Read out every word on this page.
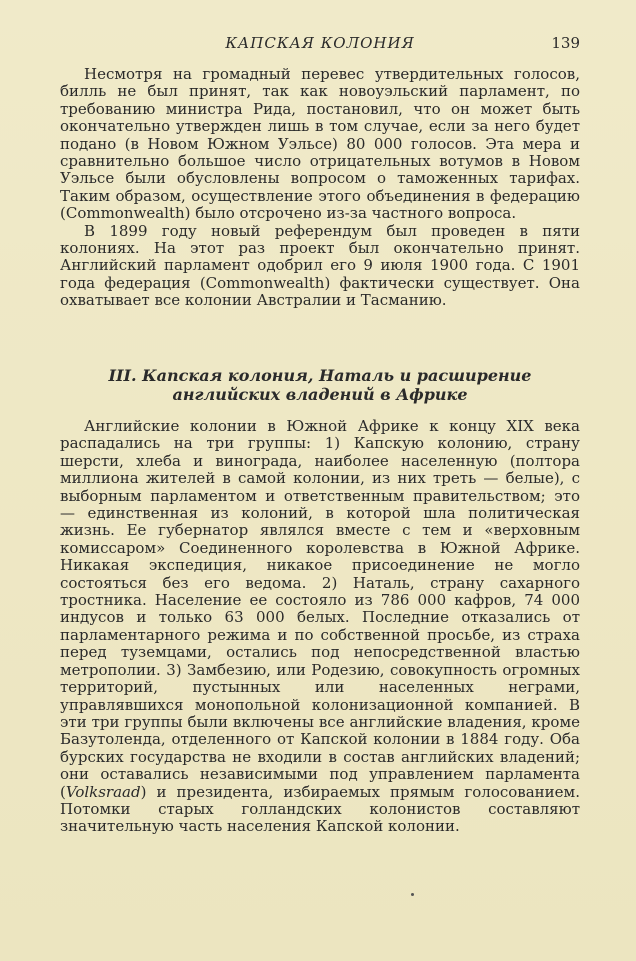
КАПСКАЯ КОЛОНИЯ	139

Несмотря на громадный перевес утвердительных голосов, билль не был принят, так как новоуэльский парламент, по требованию министра Рида, постановил, что он может быть окончательно утвержден лишь в том случае, если за него будет подано (в Новом Южном Уэльсе) 80 000 голосов. Эта мера и сравнительно большое число отрицательных вотумов в Новом Уэльсе были обусловлены вопросом о таможенных тарифах. Таким образом, осуществление этого объединения в федерацию (Commonwealth) было отсрочено из-за частного вопроса.

В 1899 году новый референдум был проведен в пяти колониях. На этот раз проект был окончательно принят. Английский парламент одобрил его 9 июля 1900 года. С 1901 года федерация (Commonwealth) фактически существует. Она охватывает все колонии Австралии и Тасманию.

III. Капская колония, Наталь и расширение
английских владений в Африке

Английские колонии в Южной Африке к концу XIX века распадались на три группы: 1) Капскую колонию, страну шерсти, хлеба и винограда, наиболее населенную (полтора миллиона жителей в самой колонии, из них треть — белые), с выборным парламентом и ответственным правительством; это — единственная из колоний, в которой шла политическая жизнь. Ее губернатор являлся вместе с тем и «верховным комиссаром» Соединенного королевства в Южной Африке. Никакая экспедиция, никакое присоединение не могло состояться без его ведома. 2) Наталь, страну сахарного тростника. Население ее состояло из 786 000 кафров, 74 000 индусов и только 63 000 белых. Последние отказались от парламентарного режима и по собственной просьбе, из страха перед туземцами, остались под непосредственной властью метрополии. 3) Замбезию, или Родезию, совокупность огромных территорий, пустынных или населенных неграми, управлявшихся монопольной колонизационной компанией. В эти три группы были включены все английские владения, кроме Базутоленда, отделенного от Капской колонии в 1884 году. Оба бурских государства не входили в состав английских владений; они оставались независимыми под управлением парламента (Volksraad) и президента, избираемых прямым голосованием. Потомки старых голландских колонистов составляют значительную часть населения Капской колонии.
